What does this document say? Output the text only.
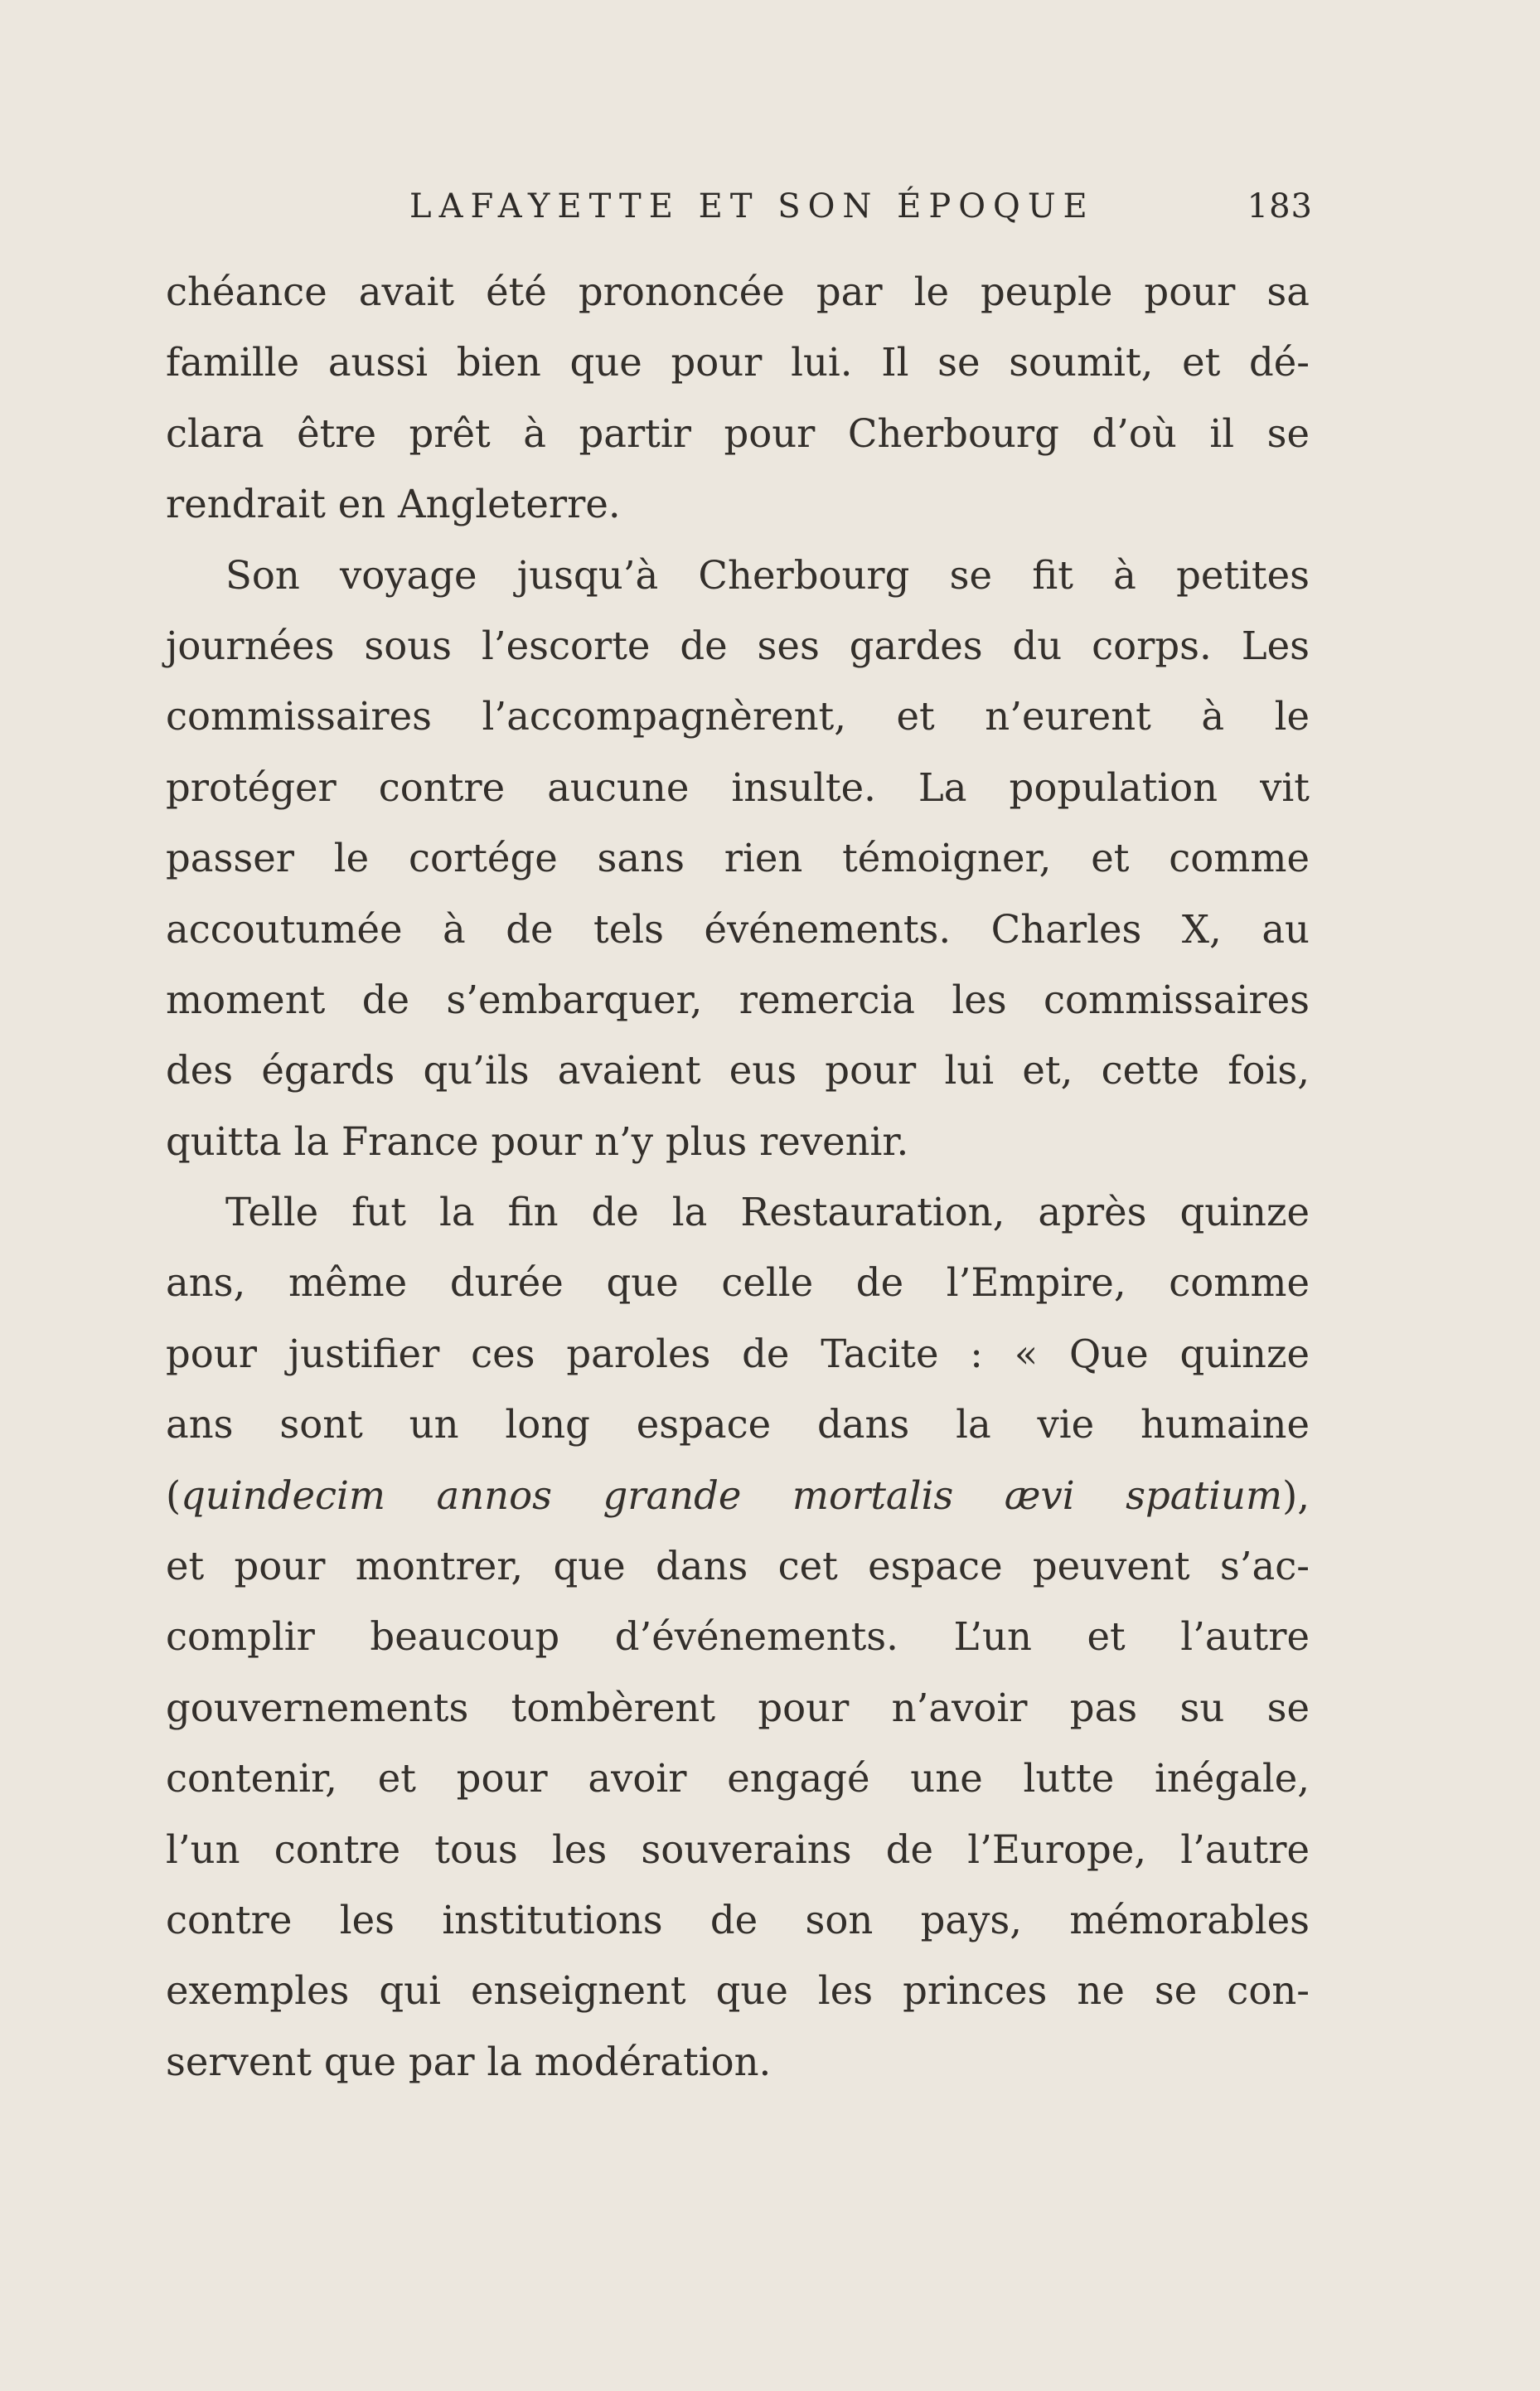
LAFAYETTE ET SON ÉPOQUE	183
chéance avait été prononcée par le peuple pour sa
famille aussi bien que pour lui. Il se soumit, et dé-
clara être prêt à partir pour Cherbourg d’où il se
rendrait en Angleterre.
Son voyage jusqu’à Cherbourg se fit à petites
journées sous l’escorte de ses gardes du corps. Les
commissaires l’accompagnèrent, et n’eurent à le
protéger contre aucune insulte. La population vit
passer le cortége sans rien témoigner, et comme
accoutumée à de tels événements. Charles X, au
moment de s’embarquer, remercia les commissaires
des égards qu’ils avaient eus pour lui et, cette fois,
quitta la France pour n’y plus revenir.
Telle fut la fin de la Restauration, après quinze
ans, même durée que celle de l’Empire, comme
pour justifier ces paroles de Tacite : « Que quinze
ans sont un long espace dans la vie humaine
(quindecim annos grande mortalis ævi spatium),
et pour montrer, que dans cet espace peuvent s’ac-
complir beaucoup d’événements. L’un et l’autre
gouvernements tombèrent pour n’avoir pas su se
contenir, et pour avoir engagé une lutte inégale,
l’un contre tous les souverains de l’Europe, l’autre
contre les institutions de son pays, mémorables
exemples qui enseignent que les princes ne se con-
servent que par la modération.
